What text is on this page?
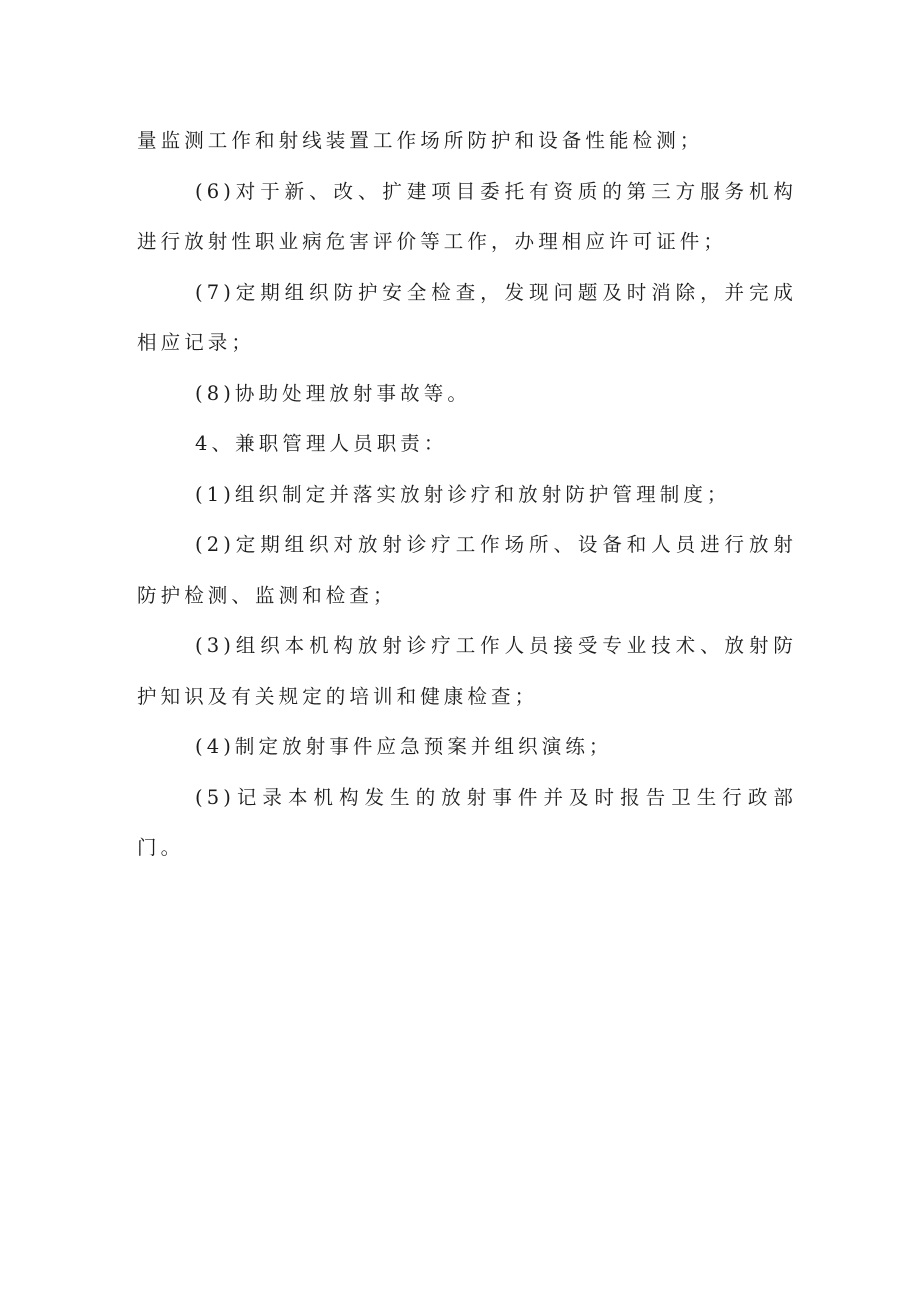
量监测工作和射线装置工作场所防护和设备性能检测；

(6)对于新、改、扩建项目委托有资质的第三方服务机构进行放射性职业病危害评价等工作，办理相应许可证件；

(7)定期组织防护安全检查，发现问题及时消除，并完成相应记录；

(8)协助处理放射事故等。

4、兼职管理人员职责：

(1)组织制定并落实放射诊疗和放射防护管理制度；

(2)定期组织对放射诊疗工作场所、设备和人员进行放射防护检测、监测和检查；

(3)组织本机构放射诊疗工作人员接受专业技术、放射防护知识及有关规定的培训和健康检查；

(4)制定放射事件应急预案并组织演练；

(5)记录本机构发生的放射事件并及时报告卫生行政部门。
